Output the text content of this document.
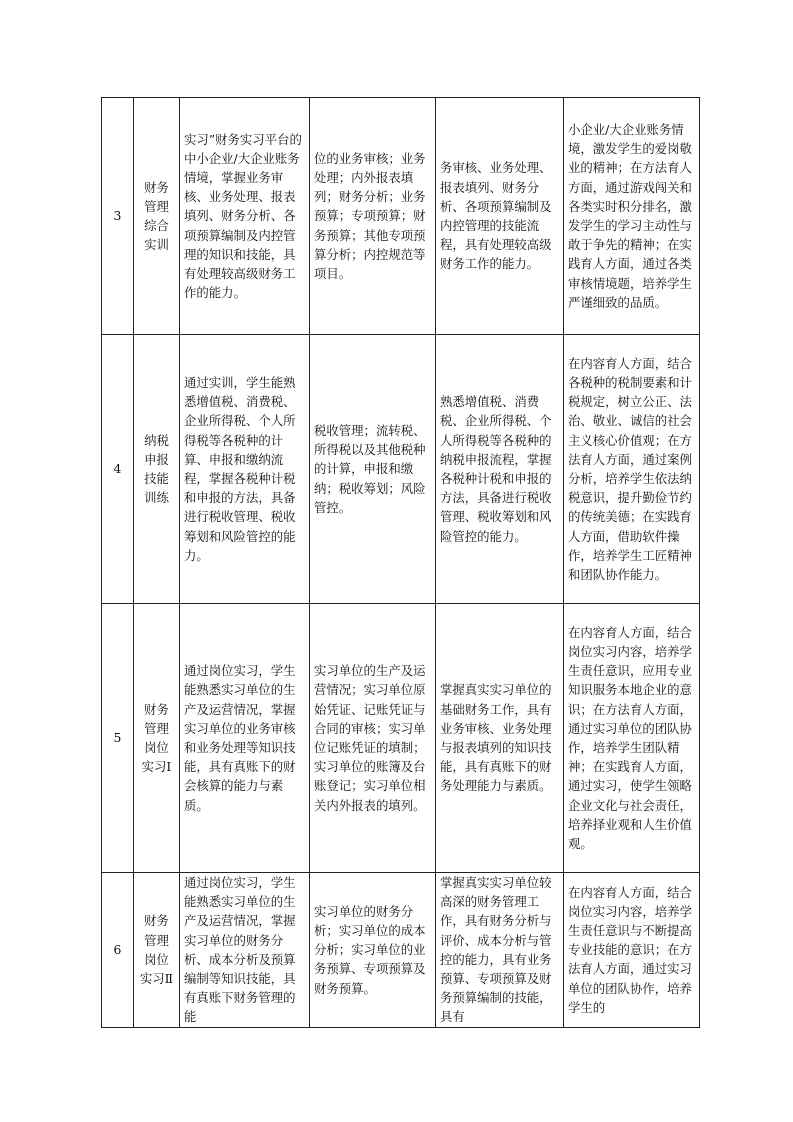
3	财务管理综合实训	实习”财务实习平台的中小企业/大企业账务情境，掌握业务审核、业务处理、报表填列、财务分析、各项预算编制及内控管理的知识和技能，具有处理较高级财务工作的能力。	位的业务审核；业务处理；内外报表填列；财务分析；业务预算；专项预算；财务预算；其他专项预算分析；内控规范等项目。	务审核、业务处理、报表填列、财务分析、各项预算编制及内控管理的技能流程，具有处理较高级财务工作的能力。	小企业/大企业账务情境，激发学生的爱岗敬业的精神；在方法育人方面，通过游戏闯关和各类实时积分排名，激发学生的学习主动性与敢于争先的精神；在实践育人方面，通过各类审核情境题，培养学生严谨细致的品质。
4	纳税申报技能训练	通过实训，学生能熟悉增值税、消费税、企业所得税、个人所得税等各税种的计算、申报和缴纳流程，掌握各税种计税和申报的方法，具备进行税收管理、税收筹划和风险管控的能力。	税收管理；流转税、所得税以及其他税种的计算，申报和缴纳；税收筹划；风险管控。	熟悉增值税、消费税、企业所得税、个人所得税等各税种的纳税申报流程，掌握各税种计税和申报的方法，具备进行税收管理、税收筹划和风险管控的能力。	在内容育人方面，结合各税种的税制要素和计税规定，树立公正、法治、敬业、诚信的社会主义核心价值观；在方法育人方面，通过案例分析，培养学生依法纳税意识，提升勤俭节约的传统美德；在实践育人方面，借助软件操作，培养学生工匠精神和团队协作能力。
5	财务管理岗位实习Ⅰ	通过岗位实习，学生能熟悉实习单位的生产及运营情况，掌握实习单位的业务审核和业务处理等知识技能，具有真账下的财会核算的能力与素质。	实习单位的生产及运营情况；实习单位原始凭证、记账凭证与合同的审核；实习单位记账凭证的填制；实习单位的账簿及台账登记；实习单位相关内外报表的填列。	掌握真实实习单位的基础财务工作，具有业务审核、业务处理与报表填列的知识技能，具有真账下的财务处理能力与素质。	在内容育人方面，结合岗位实习内容，培养学生责任意识，应用专业知识服务本地企业的意识；在方法育人方面，通过实习单位的团队协作，培养学生团队精神；在实践育人方面，通过实习，使学生领略企业文化与社会责任，培养择业观和人生价值观。
6	财务管理岗位实习Ⅱ	通过岗位实习，学生能熟悉实习单位的生产及运营情况，掌握实习单位的财务分析、成本分析及预算编制等知识技能，具有真账下财务管理的能	实习单位的财务分析；实习单位的成本分析；实习单位的业务预算、专项预算及财务预算。	掌握真实实习单位较高深的财务管理工作，具有财务分析与评价、成本分析与管控的能力，具有业务预算、专项预算及财务预算编制的技能，具有	在内容育人方面，结合岗位实习内容，培养学生责任意识与不断提高专业技能的意识；在方法育人方面，通过实习单位的团队协作，培养学生的
